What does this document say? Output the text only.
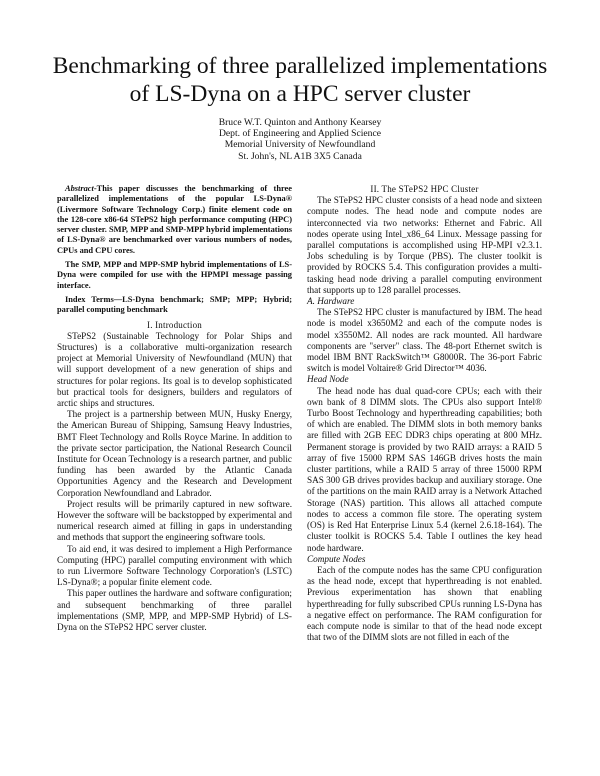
Benchmarking of three parallelized implementations of LS-Dyna on a HPC server cluster
Bruce W.T. Quinton and Anthony Kearsey
Dept. of Engineering and Applied Science
Memorial University of Newfoundland
St. John's, NL A1B 3X5 Canada

Abstract-This paper discusses the benchmarking of three parallelized implementations of the popular LS-Dyna® (Livermore Software Technology Corp.) finite element code on the 128-core x86-64 STePS2 high performance computing (HPC) server cluster. SMP, MPP and SMP-MPP hybrid implementations of LS-Dyna® are benchmarked over various numbers of nodes, CPUs and CPU cores.

The SMP, MPP and MPP-SMP hybrid implementations of LS-Dyna were compiled for use with the HPMPI message passing interface.

Index Terms—LS-Dyna benchmark; SMP; MPP; Hybrid; parallel computing benchmark

I. Introduction

STePS2 (Sustainable Technology for Polar Ships and Structures) is a collaborative multi-organization research project at Memorial University of Newfoundland (MUN) that will support development of a new generation of ships and structures for polar regions. Its goal is to develop sophisticated but practical tools for designers, builders and regulators of arctic ships and structures.

The project is a partnership between MUN, Husky Energy, the American Bureau of Shipping, Samsung Heavy Industries, BMT Fleet Technology and Rolls Royce Marine. In addition to the private sector participation, the National Research Council Institute for Ocean Technology is a research partner, and public funding has been awarded by the Atlantic Canada Opportunities Agency and the Research and Development Corporation Newfoundland and Labrador.

Project results will be primarily captured in new software. However the software will be backstopped by experimental and numerical research aimed at filling in gaps in understanding and methods that support the engineering software tools.

To aid end, it was desired to implement a High Performance Computing (HPC) parallel computing environment with which to run Livermore Software Technology Corporation's (LSTC) LS-Dyna®; a popular finite element code.

This paper outlines the hardware and software configuration; and subsequent benchmarking of three parallel implementations (SMP, MPP, and MPP-SMP Hybrid) of LS-Dyna on the STePS2 HPC server cluster.

II. The STePS2 HPC Cluster

The STePS2 HPC cluster consists of a head node and sixteen compute nodes. The head node and compute nodes are interconnected via two networks: Ethernet and Fabric. All nodes operate using Intel_x86_64 Linux. Message passing for parallel computations is accomplished using HP-MPI v2.3.1. Jobs scheduling is by Torque (PBS). The cluster toolkit is provided by ROCKS 5.4. This configuration provides a multi-tasking head node driving a parallel computing environment that supports up to 128 parallel processes.

A. Hardware

The STePS2 HPC cluster is manufactured by IBM. The head node is model x3650M2 and each of the compute nodes is model x3550M2. All nodes are rack mounted. All hardware components are "server" class. The 48-port Ethernet switch is model IBM BNT RackSwitch™ G8000R. The 36-port Fabric switch is model Voltaire® Grid Director™ 4036.

Head Node

The head node has dual quad-core CPUs; each with their own bank of 8 DIMM slots. The CPUs also support Intel® Turbo Boost Technology and hyperthreading capabilities; both of which are enabled. The DIMM slots in both memory banks are filled with 2GB EEC DDR3 chips operating at 800 MHz. Permanent storage is provided by two RAID arrays: a RAID 5 array of five 15000 RPM SAS 146GB drives hosts the main cluster partitions, while a RAID 5 array of three 15000 RPM SAS 300 GB drives provides backup and auxiliary storage. One of the partitions on the main RAID array is a Network Attached Storage (NAS) partition. This allows all attached compute nodes to access a common file store. The operating system (OS) is Red Hat Enterprise Linux 5.4 (kernel 2.6.18-164). The cluster toolkit is ROCKS 5.4. Table I outlines the key head node hardware.

Compute Nodes

Each of the compute nodes has the same CPU configuration as the head node, except that hyperthreading is not enabled. Previous experimentation has shown that enabling hyperthreading for fully subscribed CPUs running LS-Dyna has a negative effect on performance. The RAM configuration for each compute node is similar to that of the head node except that two of the DIMM slots are not filled in each of the
